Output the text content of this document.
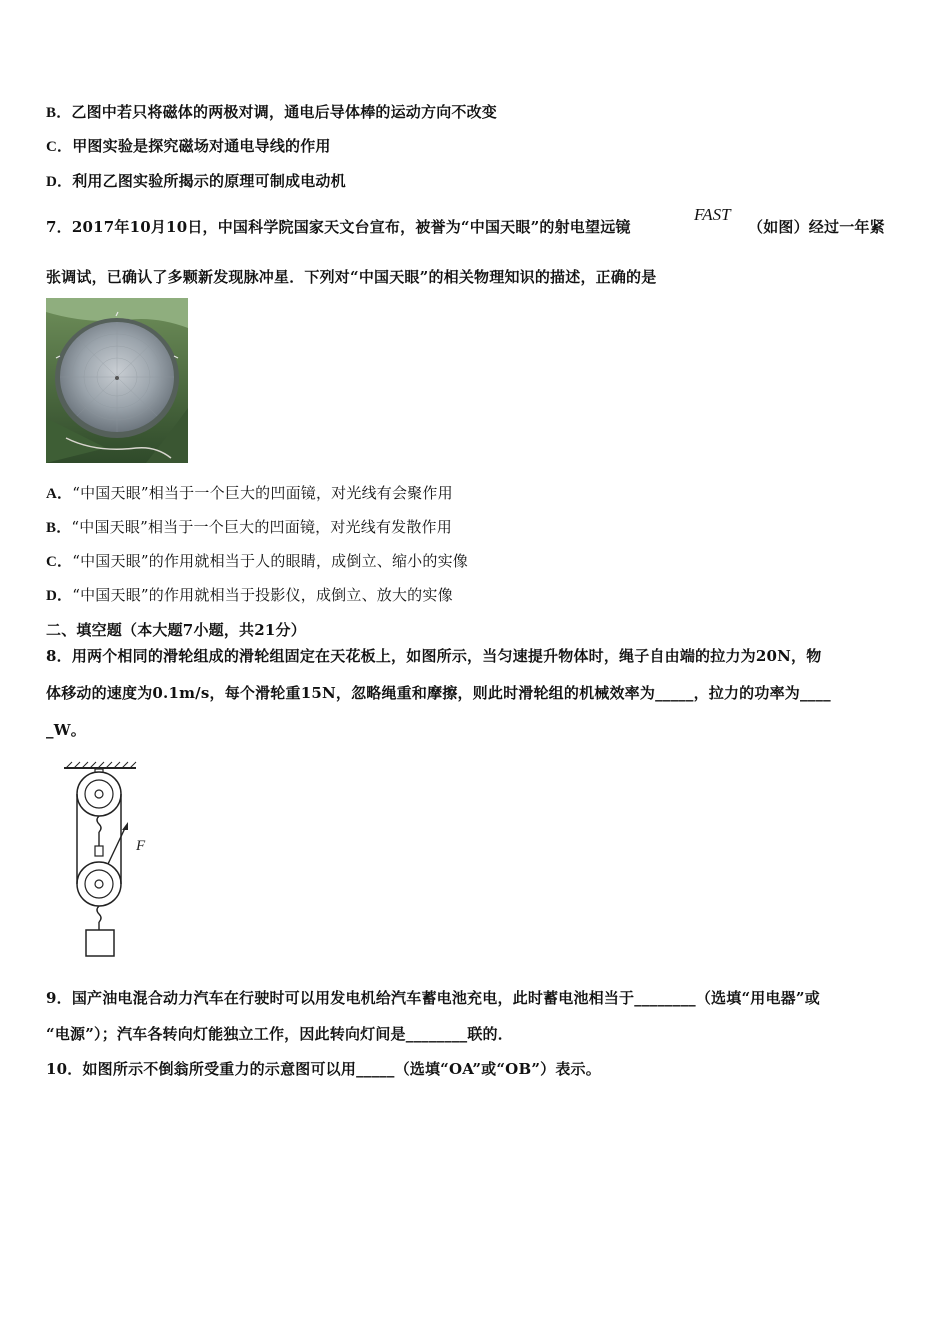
B．乙图中若只将磁体的两极对调，通电后导体棒的运动方向不改变
C．甲图实验是探究磁场对通电导线的作用
D．利用乙图实验所揭示的原理可制成电动机
7．2017年10月10日，中国科学院国家天文台宣布，被誉为“中国天眼”的射电望远镜
FAST
（如图）经过一年紧
张调试，已确认了多颗新发现脉冲星．下列对“中国天眼”的相关物理知识的描述，正确的是
A．“中国天眼”相当于一个巨大的凹面镜，对光线有会聚作用
B．“中国天眼”相当于一个巨大的凹面镜，对光线有发散作用
C．“中国天眼”的作用就相当于人的眼睛，成倒立、缩小的实像
D．“中国天眼”的作用就相当于投影仪，成倒立、放大的实像
二、填空题（本大题7小题，共21分）
8．用两个相同的滑轮组成的滑轮组固定在天花板上，如图所示，当匀速提升物体时，绳子自由端的拉力为20N，物
体移动的速度为0.1m/s，每个滑轮重15N，忽略绳重和摩擦，则此时滑轮组的机械效率为_____，拉力的功率为____
_W。
F
9．国产油电混合动力汽车在行驶时可以用发电机给汽车蓄电池充电，此时蓄电池相当于________（选填“用电器”或
“电源”）；汽车各转向灯能独立工作，因此转向灯间是________联的．
10．如图所示不倒翁所受重力的示意图可以用_____（选填“OA”或“OB”）表示。
